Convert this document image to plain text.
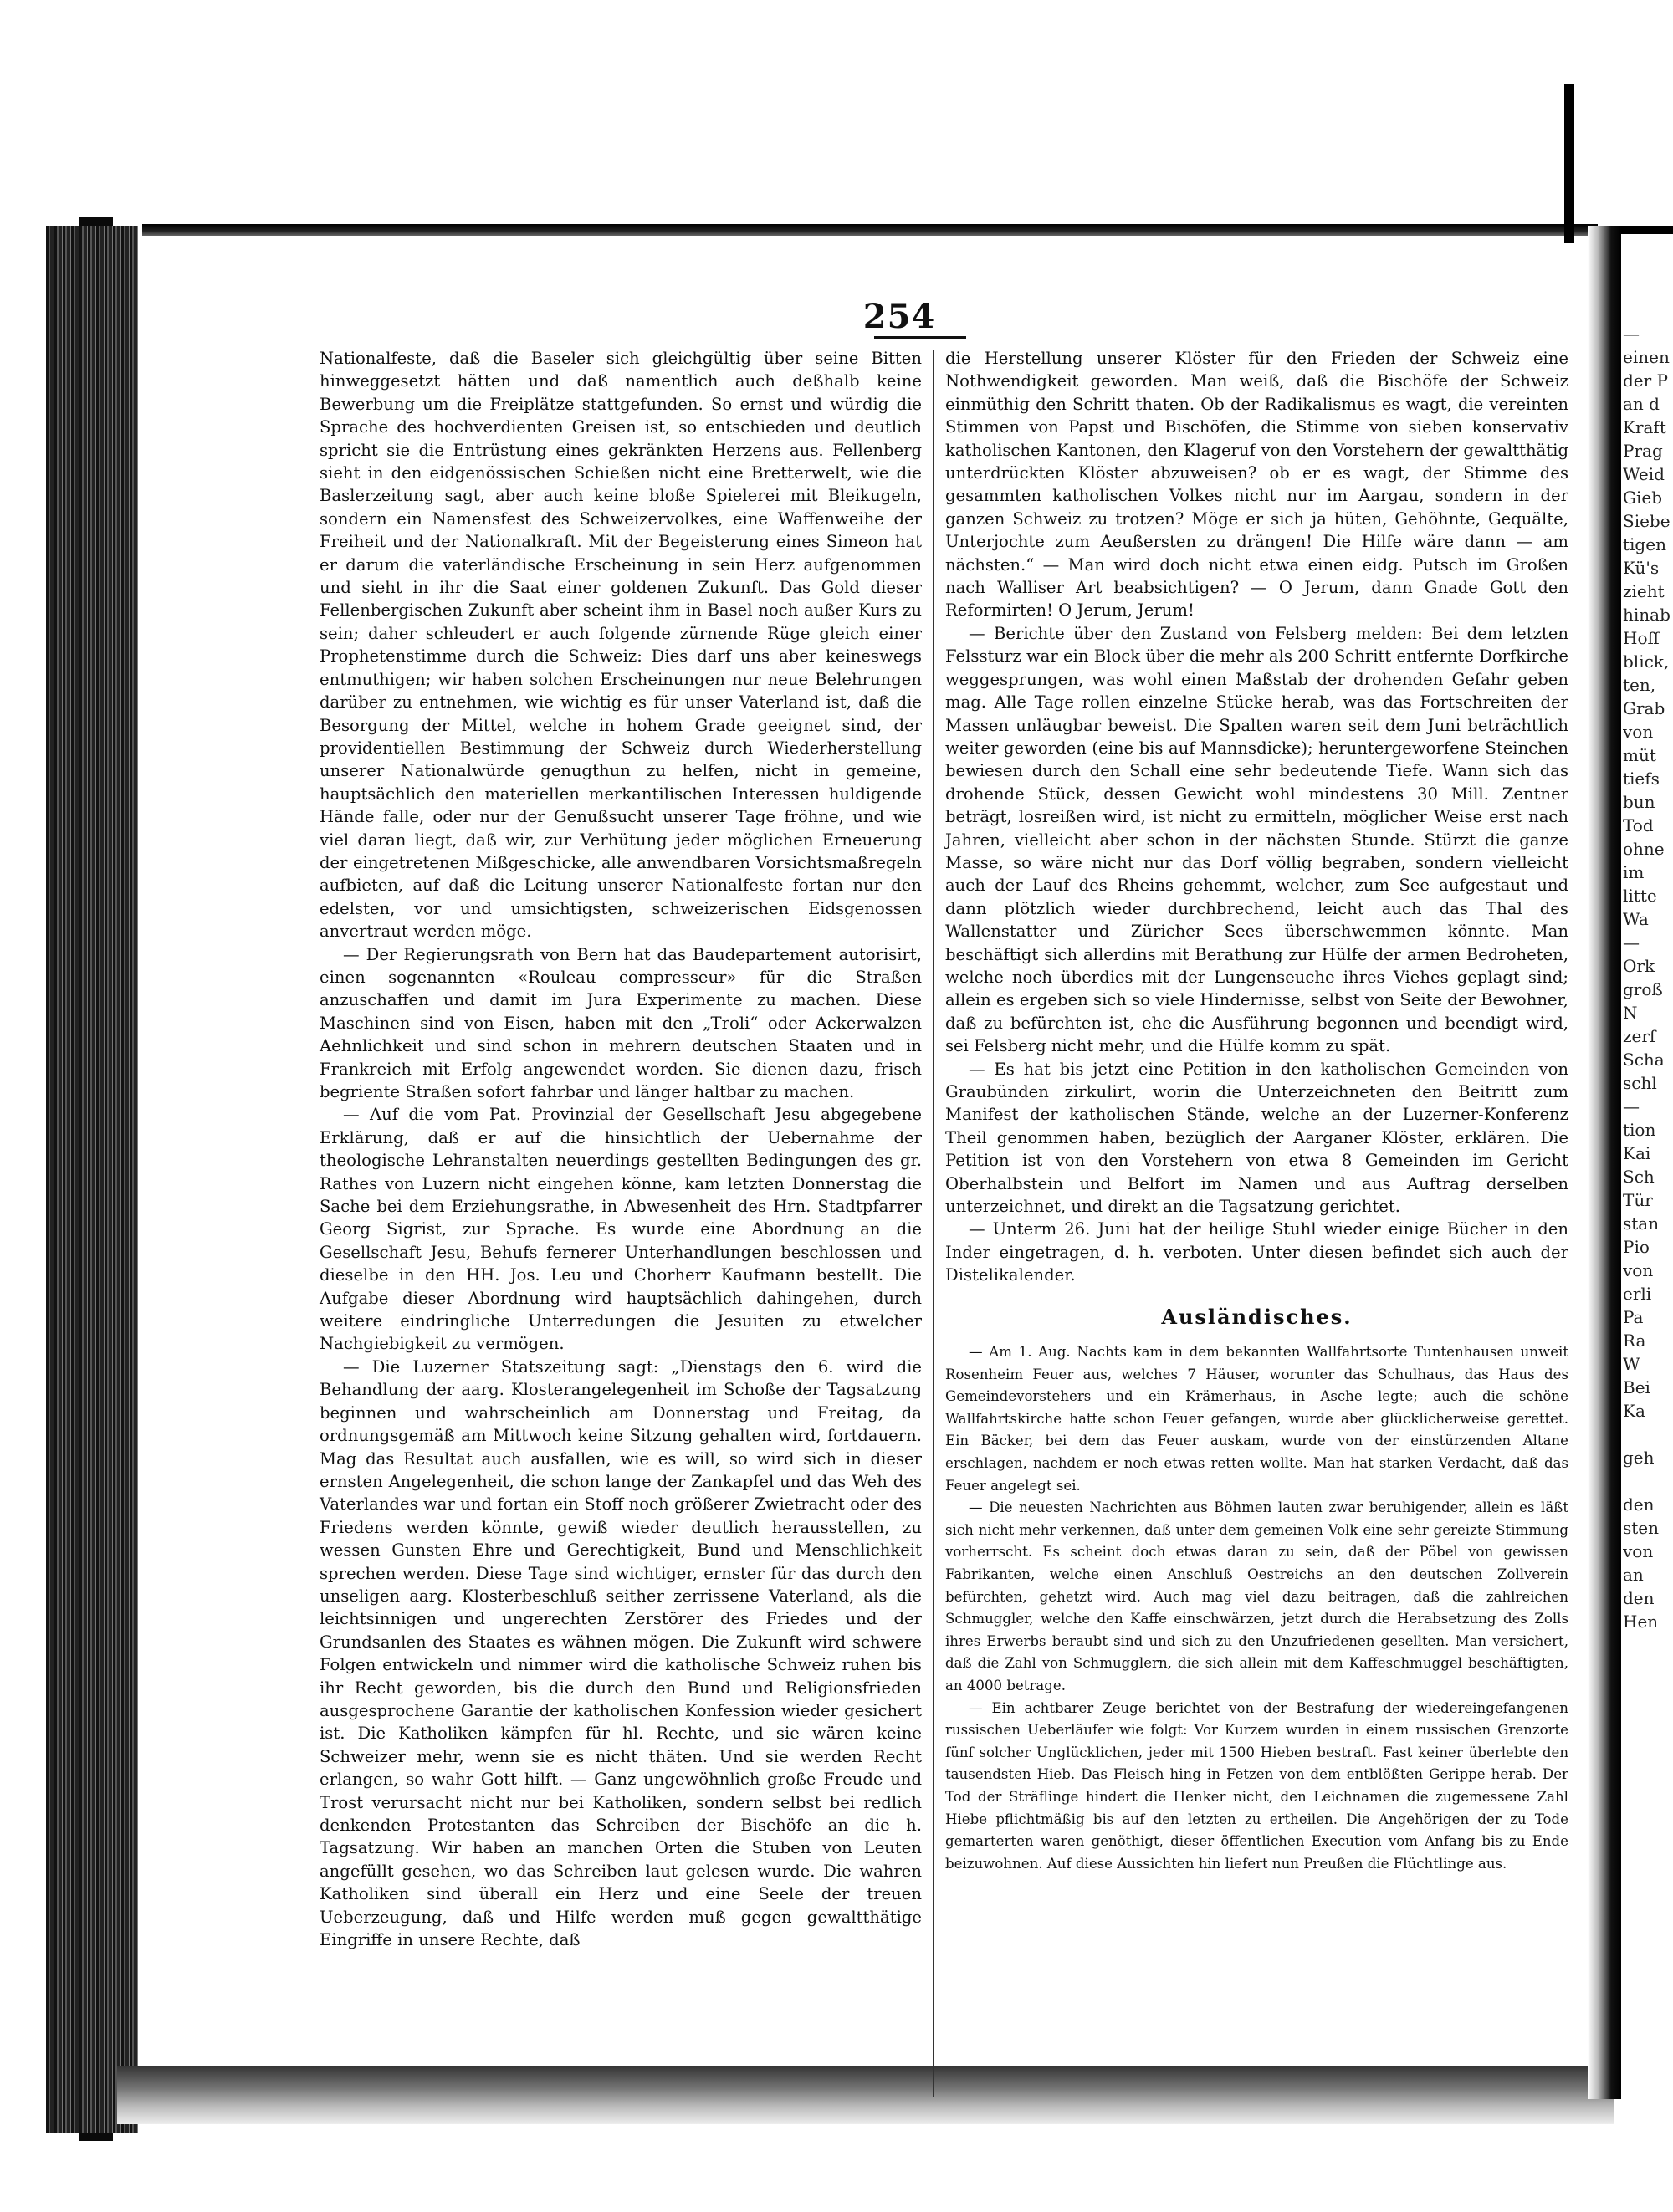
—
einen
der P
an d
Kraft
Prag
Weid
Gieb
Siebe
tigen
Kü's
zieht
hinab
Hoff
blick,
ten,
Grab
von
müt
tiefs
bun
Tod
ohne
im
litte
Wa
—
Ork
groß
N
zerf
Scha
schl
—
tion
Kai
Sch
Tür
stan
Pio
von
erli
Pa
Ra
W
Bei
Ka

geh

den
sten
von
an
den
Hen
254

Nationalfeste, daß die Baseler sich gleichgültig über seine Bitten hinweggesetzt hätten und daß namentlich auch deßhalb keine Bewerbung um die Freiplätze stattgefunden. So ernst und würdig die Sprache des hochverdienten Greisen ist, so entschieden und deutlich spricht sie die Entrüstung eines gekränkten Herzens aus. Fellenberg sieht in den eidgenössischen Schießen nicht eine Bretterwelt, wie die Baslerzeitung sagt, aber auch keine bloße Spielerei mit Bleikugeln, sondern ein Namensfest des Schweizervolkes, eine Waffenweihe der Freiheit und der Nationalkraft. Mit der Begeisterung eines Simeon hat er darum die vaterländische Erscheinung in sein Herz aufgenommen und sieht in ihr die Saat einer goldenen Zukunft. Das Gold dieser Fellenbergischen Zukunft aber scheint ihm in Basel noch außer Kurs zu sein; daher schleudert er auch folgende zürnende Rüge gleich einer Prophetenstimme durch die Schweiz: Dies darf uns aber keineswegs entmuthigen; wir haben solchen Erscheinungen nur neue Belehrungen darüber zu entnehmen, wie wichtig es für unser Vaterland ist, daß die Besorgung der Mittel, welche in hohem Grade geeignet sind, der providentiellen Bestimmung der Schweiz durch Wiederherstellung unserer Nationalwürde genugthun zu helfen, nicht in gemeine, hauptsächlich den materiellen merkantilischen Interessen huldigende Hände falle, oder nur der Genußsucht unserer Tage fröhne, und wie viel daran liegt, daß wir, zur Verhütung jeder möglichen Erneuerung der eingetretenen Mißgeschicke, alle anwendbaren Vorsichtsmaßregeln aufbieten, auf daß die Leitung unserer Nationalfeste fortan nur den edelsten, vor und umsichtigsten, schweizerischen Eidsgenossen anvertraut werden möge.

— Der Regierungsrath von Bern hat das Baudepartement autorisirt, einen sogenannten «Rouleau compresseur» für die Straßen anzuschaffen und damit im Jura Experimente zu machen. Diese Maschinen sind von Eisen, haben mit den „Troli“ oder Ackerwalzen Aehnlichkeit und sind schon in mehrern deutschen Staaten und in Frankreich mit Erfolg angewendet worden. Sie dienen dazu, frisch begriente Straßen sofort fahrbar und länger haltbar zu machen.

— Auf die vom Pat. Provinzial der Gesellschaft Jesu abgegebene Erklärung, daß er auf die hinsichtlich der Uebernahme der theologische Lehranstalten neuerdings gestellten Bedingungen des gr. Rathes von Luzern nicht eingehen könne, kam letzten Donnerstag die Sache bei dem Erziehungsrathe, in Abwesenheit des Hrn. Stadtpfarrer Georg Sigrist, zur Sprache. Es wurde eine Abordnung an die Gesellschaft Jesu, Behufs fernerer Unterhandlungen beschlossen und dieselbe in den HH. Jos. Leu und Chorherr Kaufmann bestellt. Die Aufgabe dieser Abordnung wird hauptsächlich dahingehen, durch weitere eindringliche Unterredungen die Jesuiten zu etwelcher Nachgiebigkeit zu vermögen.

— Die Luzerner Statszeitung sagt: „Dienstags den 6. wird die Behandlung der aarg. Klosterangelegenheit im Schoße der Tagsatzung beginnen und wahrscheinlich am Donnerstag und Freitag, da ordnungsgemäß am Mittwoch keine Sitzung gehalten wird, fortdauern. Mag das Resultat auch ausfallen, wie es will, so wird sich in dieser ernsten Angelegenheit, die schon lange der Zankapfel und das Weh des Vaterlandes war und fortan ein Stoff noch größerer Zwietracht oder des Friedens werden könnte, gewiß wieder deutlich herausstellen, zu wessen Gunsten Ehre und Gerechtigkeit, Bund und Menschlichkeit sprechen werden. Diese Tage sind wichtiger, ernster für das durch den unseligen aarg. Klosterbeschluß seither zerrissene Vaterland, als die leichtsinnigen und ungerechten Zerstörer des Friedes und der Grundsanlen des Staates es wähnen mögen. Die Zukunft wird schwere Folgen entwickeln und nimmer wird die katholische Schweiz ruhen bis ihr Recht geworden, bis die durch den Bund und Religionsfrieden ausgesprochene Garantie der katholischen Konfession wieder gesichert ist. Die Katholiken kämpfen für hl. Rechte, und sie wären keine Schweizer mehr, wenn sie es nicht thäten. Und sie werden Recht erlangen, so wahr Gott hilft. — Ganz ungewöhnlich große Freude und Trost verursacht nicht nur bei Katholiken, sondern selbst bei redlich denkenden Protestanten das Schreiben der Bischöfe an die h. Tagsatzung. Wir haben an manchen Orten die Stuben von Leuten angefüllt gesehen, wo das Schreiben laut gelesen wurde. Die wahren Katholiken sind überall ein Herz und eine Seele der treuen Ueberzeugung, daß und Hilfe werden muß gegen gewaltthätige Eingriffe in unsere Rechte, daß

die Herstellung unserer Klöster für den Frieden der Schweiz eine Nothwendigkeit geworden. Man weiß, daß die Bischöfe der Schweiz einmüthig den Schritt thaten. Ob der Radikalismus es wagt, die vereinten Stimmen von Papst und Bischöfen, die Stimme von sieben konservativ katholischen Kantonen, den Klageruf von den Vorstehern der gewaltthätig unterdrückten Klöster abzuweisen? ob er es wagt, der Stimme des gesammten katholischen Volkes nicht nur im Aargau, sondern in der ganzen Schweiz zu trotzen? Möge er sich ja hüten, Gehöhnte, Gequälte, Unterjochte zum Aeußersten zu drängen! Die Hilfe wäre dann — am nächsten.“ — Man wird doch nicht etwa einen eidg. Putsch im Großen nach Walliser Art beabsichtigen? — O Jerum, dann Gnade Gott den Reformirten! O Jerum, Jerum!

— Berichte über den Zustand von Felsberg melden: Bei dem letzten Felssturz war ein Block über die mehr als 200 Schritt entfernte Dorfkirche weggesprungen, was wohl einen Maßstab der drohenden Gefahr geben mag. Alle Tage rollen einzelne Stücke herab, was das Fortschreiten der Massen unläugbar beweist. Die Spalten waren seit dem Juni beträchtlich weiter geworden (eine bis auf Mannsdicke); heruntergeworfene Steinchen bewiesen durch den Schall eine sehr bedeutende Tiefe. Wann sich das drohende Stück, dessen Gewicht wohl mindestens 30 Mill. Zentner beträgt, losreißen wird, ist nicht zu ermitteln, möglicher Weise erst nach Jahren, vielleicht aber schon in der nächsten Stunde. Stürzt die ganze Masse, so wäre nicht nur das Dorf völlig begraben, sondern vielleicht auch der Lauf des Rheins gehemmt, welcher, zum See aufgestaut und dann plötzlich wieder durchbrechend, leicht auch das Thal des Wallenstatter und Züricher Sees überschwemmen könnte. Man beschäftigt sich allerdins mit Berathung zur Hülfe der armen Bedroheten, welche noch überdies mit der Lungenseuche ihres Viehes geplagt sind; allein es ergeben sich so viele Hindernisse, selbst von Seite der Bewohner, daß zu befürchten ist, ehe die Ausführung begonnen und beendigt wird, sei Felsberg nicht mehr, und die Hülfe komm zu spät.

— Es hat bis jetzt eine Petition in den katholischen Gemeinden von Graubünden zirkulirt, worin die Unterzeichneten den Beitritt zum Manifest der katholischen Stände, welche an der Luzerner-Konferenz Theil genommen haben, bezüglich der Aarganer Klöster, erklären. Die Petition ist von den Vorstehern von etwa 8 Gemeinden im Gericht Oberhalbstein und Belfort im Namen und aus Auftrag derselben unterzeichnet, und direkt an die Tagsatzung gerichtet.

— Unterm 26. Juni hat der heilige Stuhl wieder einige Bücher in den Inder eingetragen, d. h. verboten. Unter diesen befindet sich auch der Distelikalender.

Ausländisches.

— Am 1. Aug. Nachts kam in dem bekannten Wallfahrtsorte Tuntenhausen unweit Rosenheim Feuer aus, welches 7 Häuser, worunter das Schulhaus, das Haus des Gemeindevorstehers und ein Krämerhaus, in Asche legte; auch die schöne Wallfahrtskirche hatte schon Feuer gefangen, wurde aber glücklicherweise gerettet. Ein Bäcker, bei dem das Feuer auskam, wurde von der einstürzenden Altane erschlagen, nachdem er noch etwas retten wollte. Man hat starken Verdacht, daß das Feuer angelegt sei.

— Die neuesten Nachrichten aus Böhmen lauten zwar beruhigender, allein es läßt sich nicht mehr verkennen, daß unter dem gemeinen Volk eine sehr gereizte Stimmung vorherrscht. Es scheint doch etwas daran zu sein, daß der Pöbel von gewissen Fabrikanten, welche einen Anschluß Oestreichs an den deutschen Zollverein befürchten, gehetzt wird. Auch mag viel dazu beitragen, daß die zahlreichen Schmuggler, welche den Kaffe einschwärzen, jetzt durch die Herabsetzung des Zolls ihres Erwerbs beraubt sind und sich zu den Unzufriedenen gesellten. Man versichert, daß die Zahl von Schmugglern, die sich allein mit dem Kaffeschmuggel beschäftigten, an 4000 betrage.

— Ein achtbarer Zeuge berichtet von der Bestrafung der wiedereingefangenen russischen Ueberläufer wie folgt: Vor Kurzem wurden in einem russischen Grenzorte fünf solcher Unglücklichen, jeder mit 1500 Hieben bestraft. Fast keiner überlebte den tausendsten Hieb. Das Fleisch hing in Fetzen von dem entblößten Gerippe herab. Der Tod der Sträflinge hindert die Henker nicht, den Leichnamen die zugemessene Zahl Hiebe pflichtmäßig bis auf den letzten zu ertheilen. Die Angehörigen der zu Tode gemarterten waren genöthigt, dieser öffentlichen Execution vom Anfang bis zu Ende beizuwohnen. Auf diese Aussichten hin liefert nun Preußen die Flüchtlinge aus.
